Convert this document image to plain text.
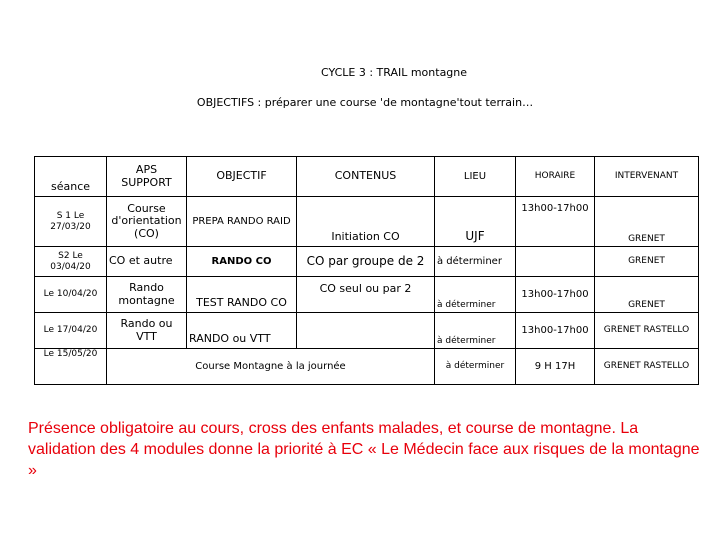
CYCLE 3 : TRAIL montagne
OBJECTIFS : préparer une course 'de montagne'tout terrain…
séance	APS SUPPORT	OBJECTIF	CONTENUS	LIEU	HORAIRE	INTERVENANT
S 1 Le 27/03/20	Course d'orientation (CO)	PREPA RANDO RAID	Initiation CO	UJF	13h00-17h00	GRENET
S2 Le 03/04/20	CO et autre	RANDO CO	CO par groupe de 2	à déterminer		GRENET
Le 10/04/20	Rando montagne	TEST RANDO CO	CO seul ou par 2	à déterminer	13h00-17h00	GRENET
Le 17/04/20	Rando ou VTT	RANDO ou VTT		à déterminer	13h00-17h00	GRENET RASTELLO
Le 15/05/20	Course Montagne à la journée			à déterminer	9 H 17H	GRENET RASTELLO
Présence obligatoire au cours, cross des enfants malades, et course de montagne. La validation des 4 modules donne la priorité à EC « Le Médecin face aux risques de la montagne »
